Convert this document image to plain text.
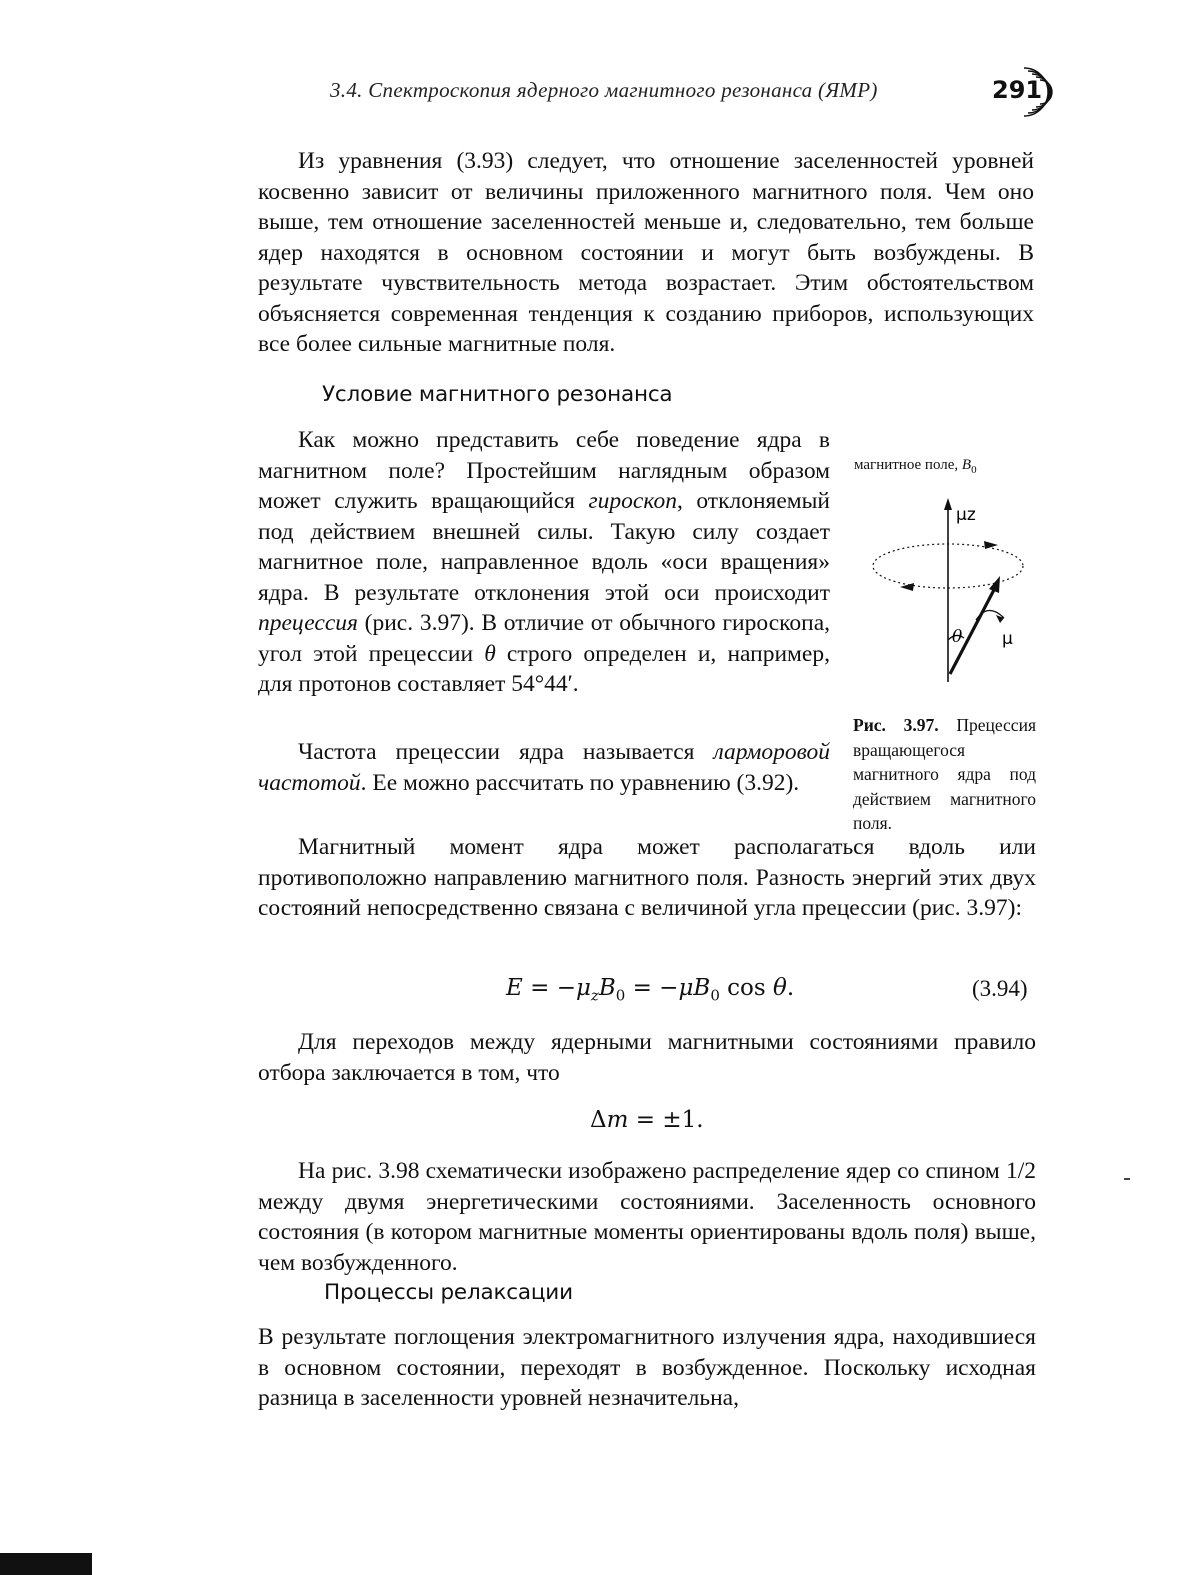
3.4. Спектроскопия ядерного магнитного резонанса (ЯМР)	291
Из уравнения (3.93) следует, что отношение заселенностей уровней косвенно зависит от величины приложенного магнитного поля. Чем оно выше, тем отношение заселенностей меньше и, следовательно, тем больше ядер находятся в основном состоянии и могут быть возбуждены. В результате чувствительность метода возрастает. Этим обстоятельством объясняется современная тенденция к созданию приборов, использующих все более сильные магнитные поля.
Условие магнитного резонанса
Как можно представить себе поведение ядра в магнитном поле? Простейшим наглядным образом может служить вращающийся гироскоп, отклоняемый под действием внешней силы. Такую силу создает магнитное поле, направленное вдоль «оси вращения» ядра. В результате отклонения этой оси происходит прецессия (рис. 3.97). В отличие от обычного гироскопа, угол этой прецессии θ строго определен и, например, для протонов составляет 54°44′.
Частота прецессии ядра называется ларморовой частотой. Ее можно рассчитать по уравнению (3.92).
Магнитный момент ядра может располагаться вдоль или противоположно направлению магнитного поля. Разность энергий этих двух состояний непосредственно связана с величиной угла прецессии (рис. 3.97):
$E = -\mu_zB_0 = -\mu B_0$ cos θ.	(3.94)
Для переходов между ядерными магнитными состояниями правило отбора заключается в том, что
Δm = ±1.
На рис. 3.98 схематически изображено распределение ядер со спином 1/2 между двумя энергетическими состояниями. Заселенность основного состояния (в котором магнитные моменты ориентированы вдоль поля) выше, чем возбужденного.
Процессы релаксации
В результате поглощения электромагнитного излучения ядра, находившиеся в основном состоянии, переходят в возбужденное. Поскольку исходная разница в заселенности уровней незначительна,
магнитное поле, $B_0$
μz
θ μ
Рис. 3.97. Прецессия вращающегося магнитного ядра под действием магнитного поля.
